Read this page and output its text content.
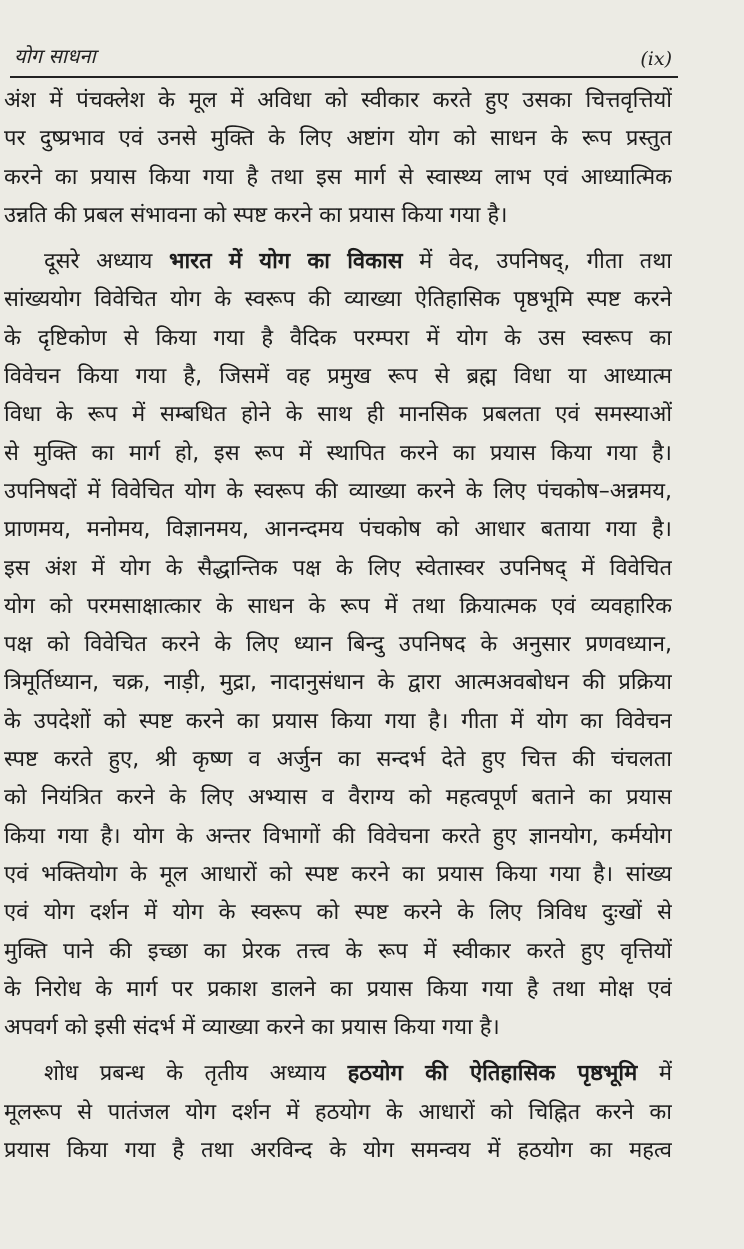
योग साधना	(ix)
अंश में पंचक्लेश के मूल में अविधा को स्वीकार करते हुए उसका चित्तवृत्तियों
पर दुष्प्रभाव एवं उनसे मुक्ति के लिए अष्टांग योग को साधन के रूप प्रस्तुत
करने का प्रयास किया गया है तथा इस मार्ग से स्वास्थ्य लाभ एवं आध्यात्मिक
उन्नति की प्रबल संभावना को स्पष्ट करने का प्रयास किया गया है।
दूसरे अध्याय भारत में योग का विकास में वेद, उपनिषद्, गीता तथा
सांख्ययोग विवेचित योग के स्वरूप की व्याख्या ऐतिहासिक पृष्ठभूमि स्पष्ट करने
के दृष्टिकोण से किया गया है वैदिक परम्परा में योग के उस स्वरूप का
विवेचन किया गया है, जिसमें वह प्रमुख रूप से ब्रह्म विधा या आध्यात्म
विधा के रूप में सम्बधित होने के साथ ही मानसिक प्रबलता एवं समस्याओं
से मुक्ति का मार्ग हो, इस रूप में स्थापित करने का प्रयास किया गया है।
उपनिषदों में विवेचित योग के स्वरूप की व्याख्या करने के लिए पंचकोष–अन्नमय,
प्राणमय, मनोमय, विज्ञानमय, आनन्दमय पंचकोष को आधार बताया गया है।
इस अंश में योग के सैद्धान्तिक पक्ष के लिए स्वेतास्वर उपनिषद् में विवेचित
योग को परमसाक्षात्कार के साधन के रूप में तथा क्रियात्मक एवं व्यवहारिक
पक्ष को विवेचित करने के लिए ध्यान बिन्दु उपनिषद के अनुसार प्रणवध्यान,
त्रिमूर्तिध्यान, चक्र, नाड़ी, मुद्रा, नादानुसंधान के द्वारा आत्मअवबोधन की प्रक्रिया
के उपदेशों को स्पष्ट करने का प्रयास किया गया है। गीता में योग का विवेचन
स्पष्ट करते हुए, श्री कृष्ण व अर्जुन का सन्दर्भ देते हुए चित्त की चंचलता
को नियंत्रित करने के लिए अभ्यास व वैराग्य को महत्वपूर्ण बताने का प्रयास
किया गया है। योग के अन्तर विभागों की विवेचना करते हुए ज्ञानयोग, कर्मयोग
एवं भक्तियोग के मूल आधारों को स्पष्ट करने का प्रयास किया गया है। सांख्य
एवं योग दर्शन में योग के स्वरूप को स्पष्ट करने के लिए त्रिविध दुःखों से
मुक्ति पाने की इच्छा का प्रेरक तत्त्व के रूप में स्वीकार करते हुए वृत्तियों
के निरोध के मार्ग पर प्रकाश डालने का प्रयास किया गया है तथा मोक्ष एवं
अपवर्ग को इसी संदर्भ में व्याख्या करने का प्रयास किया गया है।
शोध प्रबन्ध के तृतीय अध्याय हठयोग की ऐतिहासिक पृष्ठभूमि में
मूलरूप से पातंजल योग दर्शन में हठयोग के आधारों को चिह्नित करने का
प्रयास किया गया है तथा अरविन्द के योग समन्वय में हठयोग का महत्व
